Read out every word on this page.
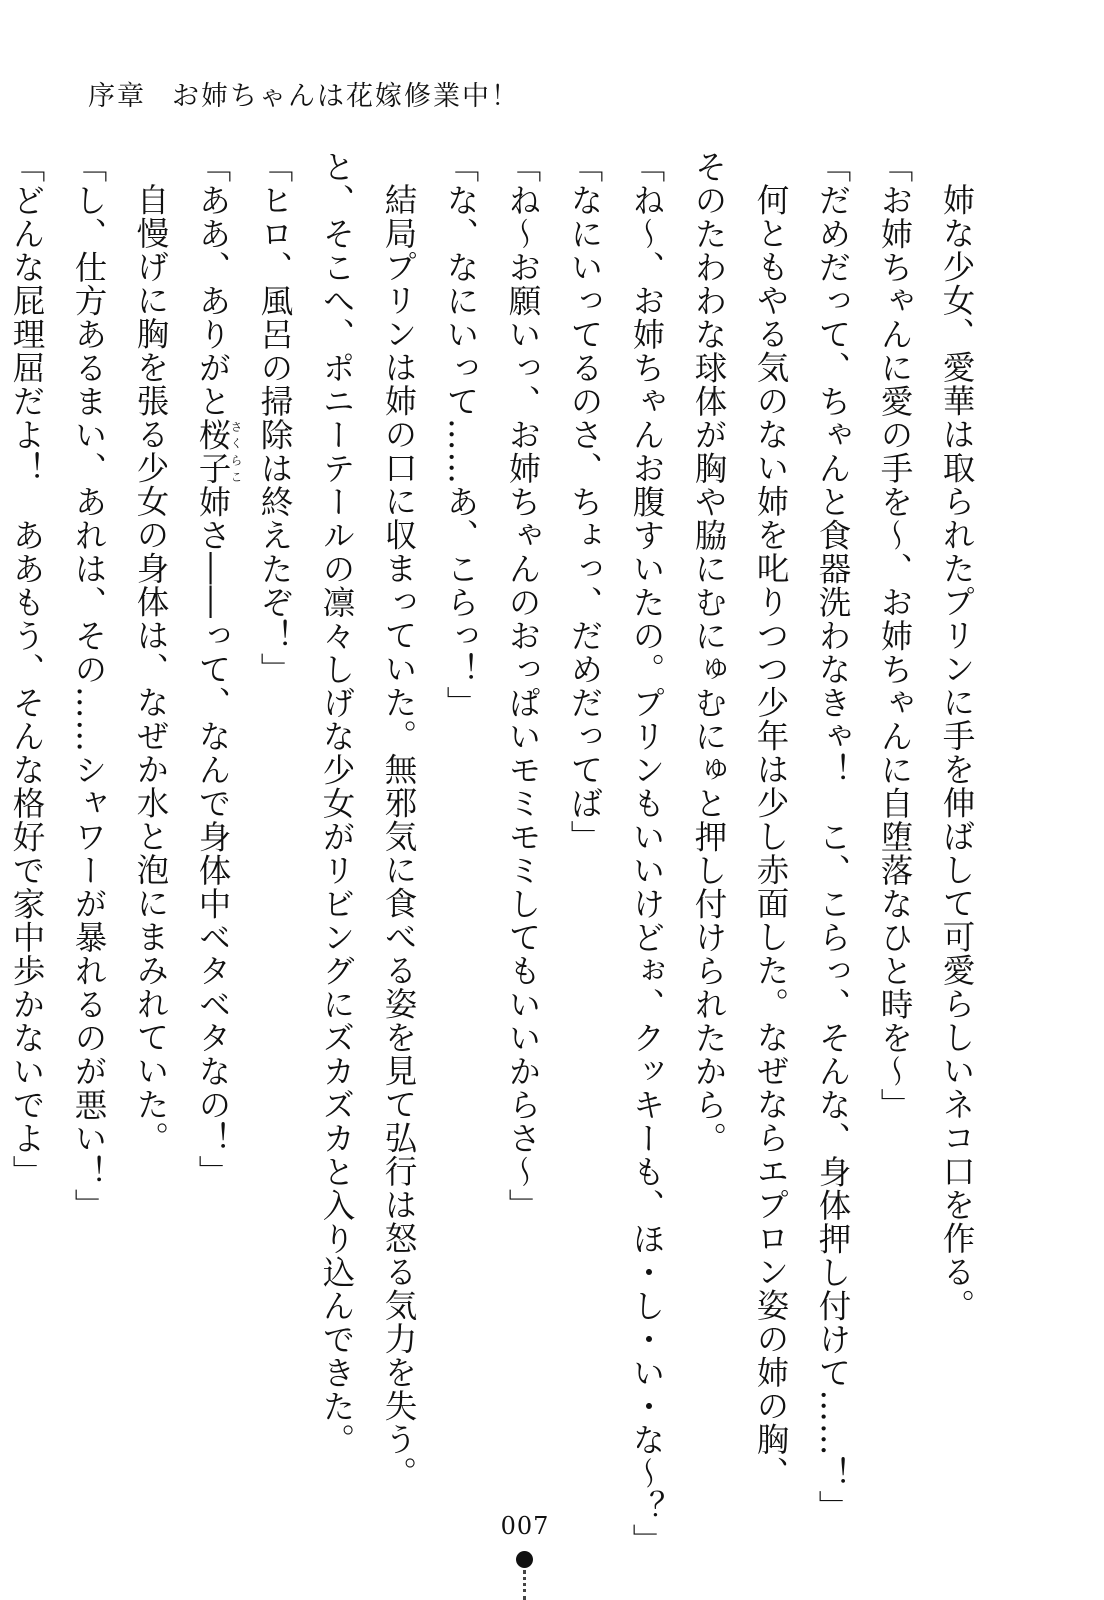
序章 お姉ちゃんは花嫁修業中！

姉な少女、愛華は取られたプリンに手を伸ばして可愛らしいネコ口を作る。

「お姉ちゃんに愛の手を～、お姉ちゃんに自堕落なひと時を～」

「だめだって、ちゃんと食器洗わなきゃ！　こ、こらっ、そんな、身体押し付けて……！」

何ともやる気のない姉を叱りつつ少年は少し赤面した。なぜならエプロン姿の姉の胸、

そのたわわな球体が胸や脇にむにゅむにゅと押し付けられたから。

「ね～、お姉ちゃんお腹すいたの。プリンもいいけどぉ、クッキーも、ほ・し・い・な～？」

「なにいってるのさ、ちょっ、だめだってば」

「ね～お願いっ、お姉ちゃんのおっぱいモミモミしてもいいからさ～」

「な、なにいって……あ、こらっ！」

結局プリンは姉の口に収まっていた。無邪気に食べる姿を見て弘行は怒る気力を失う。

と、そこへ、ポニーテールの凛々しげな少女がリビングにズカズカと入り込んできた。

「ヒロ、風呂の掃除は終えたぞ！」

「ああ、ありがと桜子さくらこ姉さ――って、なんで身体中ベタベタなの！」

自慢げに胸を張る少女の身体は、なぜか水と泡にまみれていた。

「し、仕方あるまい、あれは、その……シャワーが暴れるのが悪い！」

「どんな屁理屈だよ！　ああもう、そんな格好で家中歩かないでよ」

007
